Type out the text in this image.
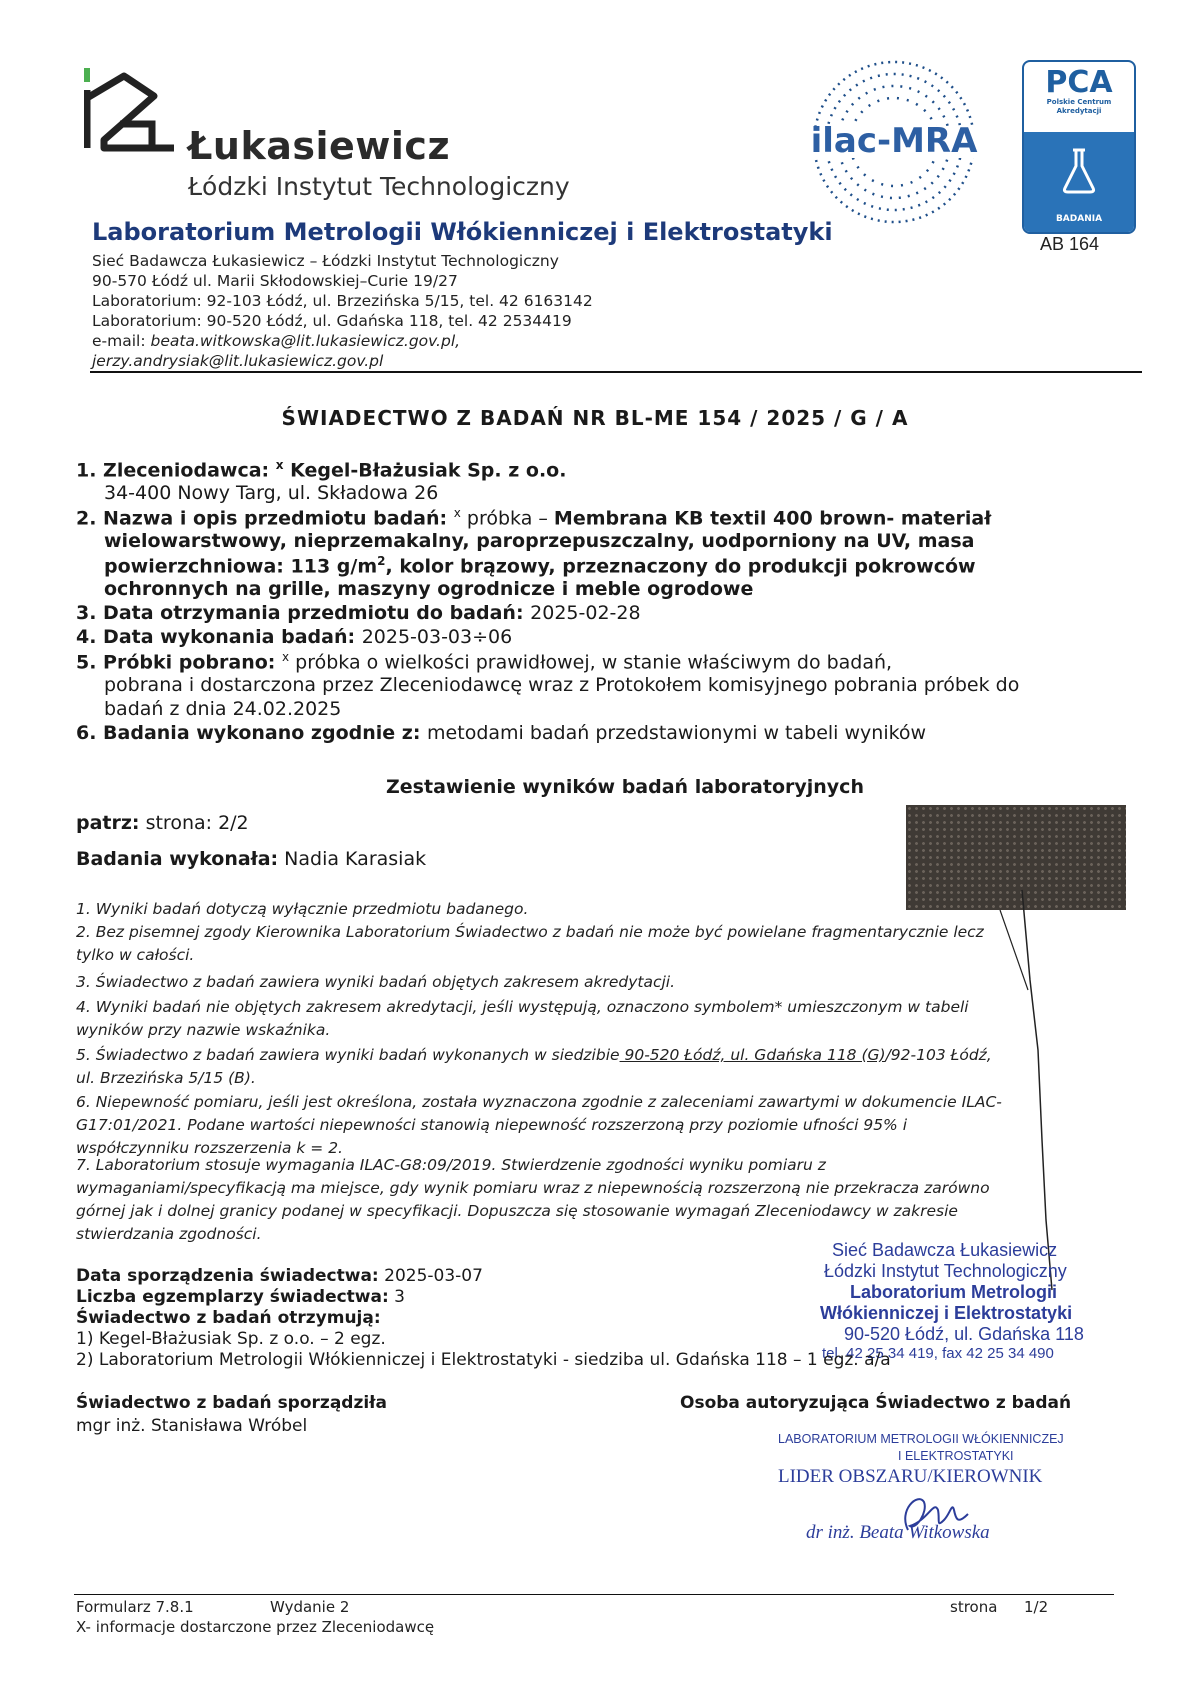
Łukasiewicz
Łódzki Instytut Technologiczny
Laboratorium Metrologii Włókienniczej i Elektrostatyki
Sieć Badawcza Łukasiewicz – Łódzki Instytut Technologiczny
90-570 Łódź ul. Marii Skłodowskiej–Curie 19/27
Laboratorium: 92-103 Łódź, ul. Brzezińska 5/15, tel. 42 6163142
Laboratorium: 90-520 Łódź, ul. Gdańska 118, tel. 42 2534419
e-mail: beata.witkowska@lit.lukasiewicz.gov.pl,
jerzy.andrysiak@lit.lukasiewicz.gov.pl
ilac-MRA
PCA
Polskie Centrum
Akredytacji
BADANIA
AB 164
ŚWIADECTWO Z BADAŃ NR BL-ME 154 / 2025 / G / A
1. Zleceniodawca: $^x$ Kegel-Błażusiak Sp. z o.o.
34-400 Nowy Targ, ul. Składowa 26
2. Nazwa i opis przedmiotu badań: $^x$ próbka – Membrana KB textil 400 brown- materiał
wielowarstwowy, nieprzemakalny, paroprzepuszczalny, uodporniony na UV, masa
powierzchniowa: 113 $g/m^2$, kolor brązowy, przeznaczony do produkcji pokrowców
ochronnych na grille, maszyny ogrodnicze i meble ogrodowe
3. Data otrzymania przedmiotu do badań: 2025-02-28
4. Data wykonania badań: 2025-03-03÷06
5. Próbki pobrano: $^x$ próbka o wielkości prawidłowej, w stanie właściwym do badań,
pobrana i dostarczona przez Zleceniodawcę wraz z Protokołem komisyjnego pobrania próbek do
badań z dnia 24.02.2025
6. Badania wykonano zgodnie z: metodami badań przedstawionymi w tabeli wyników
Zestawienie wyników badań laboratoryjnych
patrz: strona: 2/2
Badania wykonała: Nadia Karasiak
1. Wyniki badań dotyczą wyłącznie przedmiotu badanego.
2. Bez pisemnej zgody Kierownika Laboratorium Świadectwo z badań nie może być powielane fragmentarycznie lecz
tylko w całości.
3. Świadectwo z badań zawiera wyniki badań objętych zakresem akredytacji.
4. Wyniki badań nie objętych zakresem akredytacji, jeśli występują, oznaczono symbolem* umieszczonym w tabeli
wyników przy nazwie wskaźnika.
5. Świadectwo z badań zawiera wyniki badań wykonanych w siedzibie 90-520 Łódź, ul. Gdańska 118 (G)/92-103 Łódź,
ul. Brzezińska 5/15 (B).
6. Niepewność pomiaru, jeśli jest określona, została wyznaczona zgodnie z zaleceniami zawartymi w dokumencie ILAC-
G17:01/2021. Podane wartości niepewności stanowią niepewność rozszerzoną przy poziomie ufności 95% i
współczynniku rozszerzenia k = 2.
7. Laboratorium stosuje wymagania ILAC-G8:09/2019. Stwierdzenie zgodności wyniku pomiaru z
wymaganiami/specyfikacją ma miejsce, gdy wynik pomiaru wraz z niepewnością rozszerzoną nie przekracza zarówno
górnej jak i dolnej granicy podanej w specyfikacji. Dopuszcza się stosowanie wymagań Zleceniodawcy w zakresie
stwierdzania zgodności.
Sieć Badawcza Łukasiewicz
Łódzki Instytut Technologiczny
Laboratorium Metrologii
Włókienniczej i Elektrostatyki
90-520 Łódź, ul. Gdańska 118
tel. 42 25 34 419, fax 42 25 34 490
Data sporządzenia świadectwa: 2025-03-07
Liczba egzemplarzy świadectwa: 3
Świadectwo z badań otrzymują:
1) Kegel-Błażusiak Sp. z o.o. – 2 egz.
2) Laboratorium Metrologii Włókienniczej i Elektrostatyki - siedziba ul. Gdańska 118 – 1 egz. a/a
Świadectwo z badań sporządziła
mgr inż. Stanisława Wróbel
Osoba autoryzująca Świadectwo z badań
LABORATORIUM METROLOGII WŁÓKIENNICZEJ
I ELEKTROSTATYKI
LIDER OBSZARU/KIEROWNIK
dr inż. Beata Witkowska
Formularz 7.8.1	Wydanie 2	strona 1/2
X- informacje dostarczone przez Zleceniodawcę
